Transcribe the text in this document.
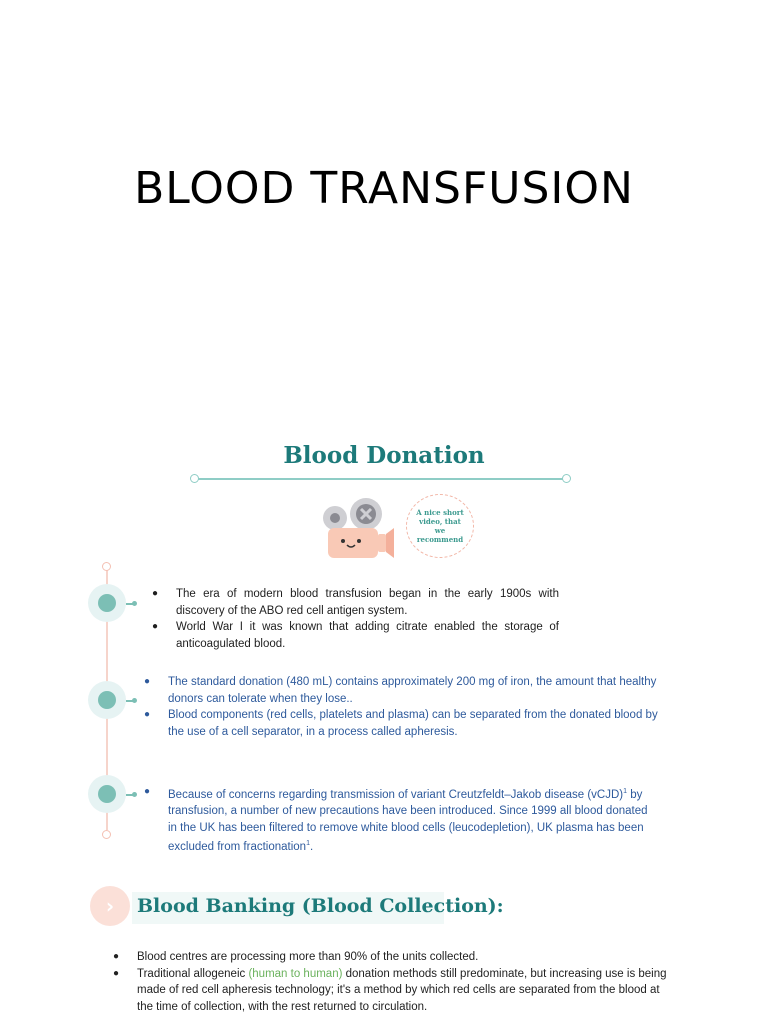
BLOOD TRANSFUSION
Blood Donation
A nice short video, that we recommend
● The era of modern blood transfusion began in the early 1900s with discovery of the ABO red cell antigen system.
● World War I it was known that adding citrate enabled the storage of anticoagulated blood.
● The standard donation (480 mL) contains approximately 200 mg of iron, the amount that healthy donors can tolerate when they lose..
● Blood components (red cells, platelets and plasma) can be separated from the donated blood by the use of a cell separator, in a process called apheresis.
● Because of concerns regarding transmission of variant Creutzfeldt–Jakob disease (vCJD)$^1$ by transfusion, a number of new precautions have been introduced. Since 1999 all blood donated in the UK has been filtered to remove white blood cells (leucodepletion), UK plasma has been excluded from fractionation$^1$.
›	Blood Banking (Blood Collection):
● Blood centres are processing more than 90% of the units collected.
● Traditional allogeneic (human to human) donation methods still predominate, but increasing use is being made of red cell apheresis technology; it's a method by which red cells are separated from the blood at the time of collection, with the rest returned to circulation.
